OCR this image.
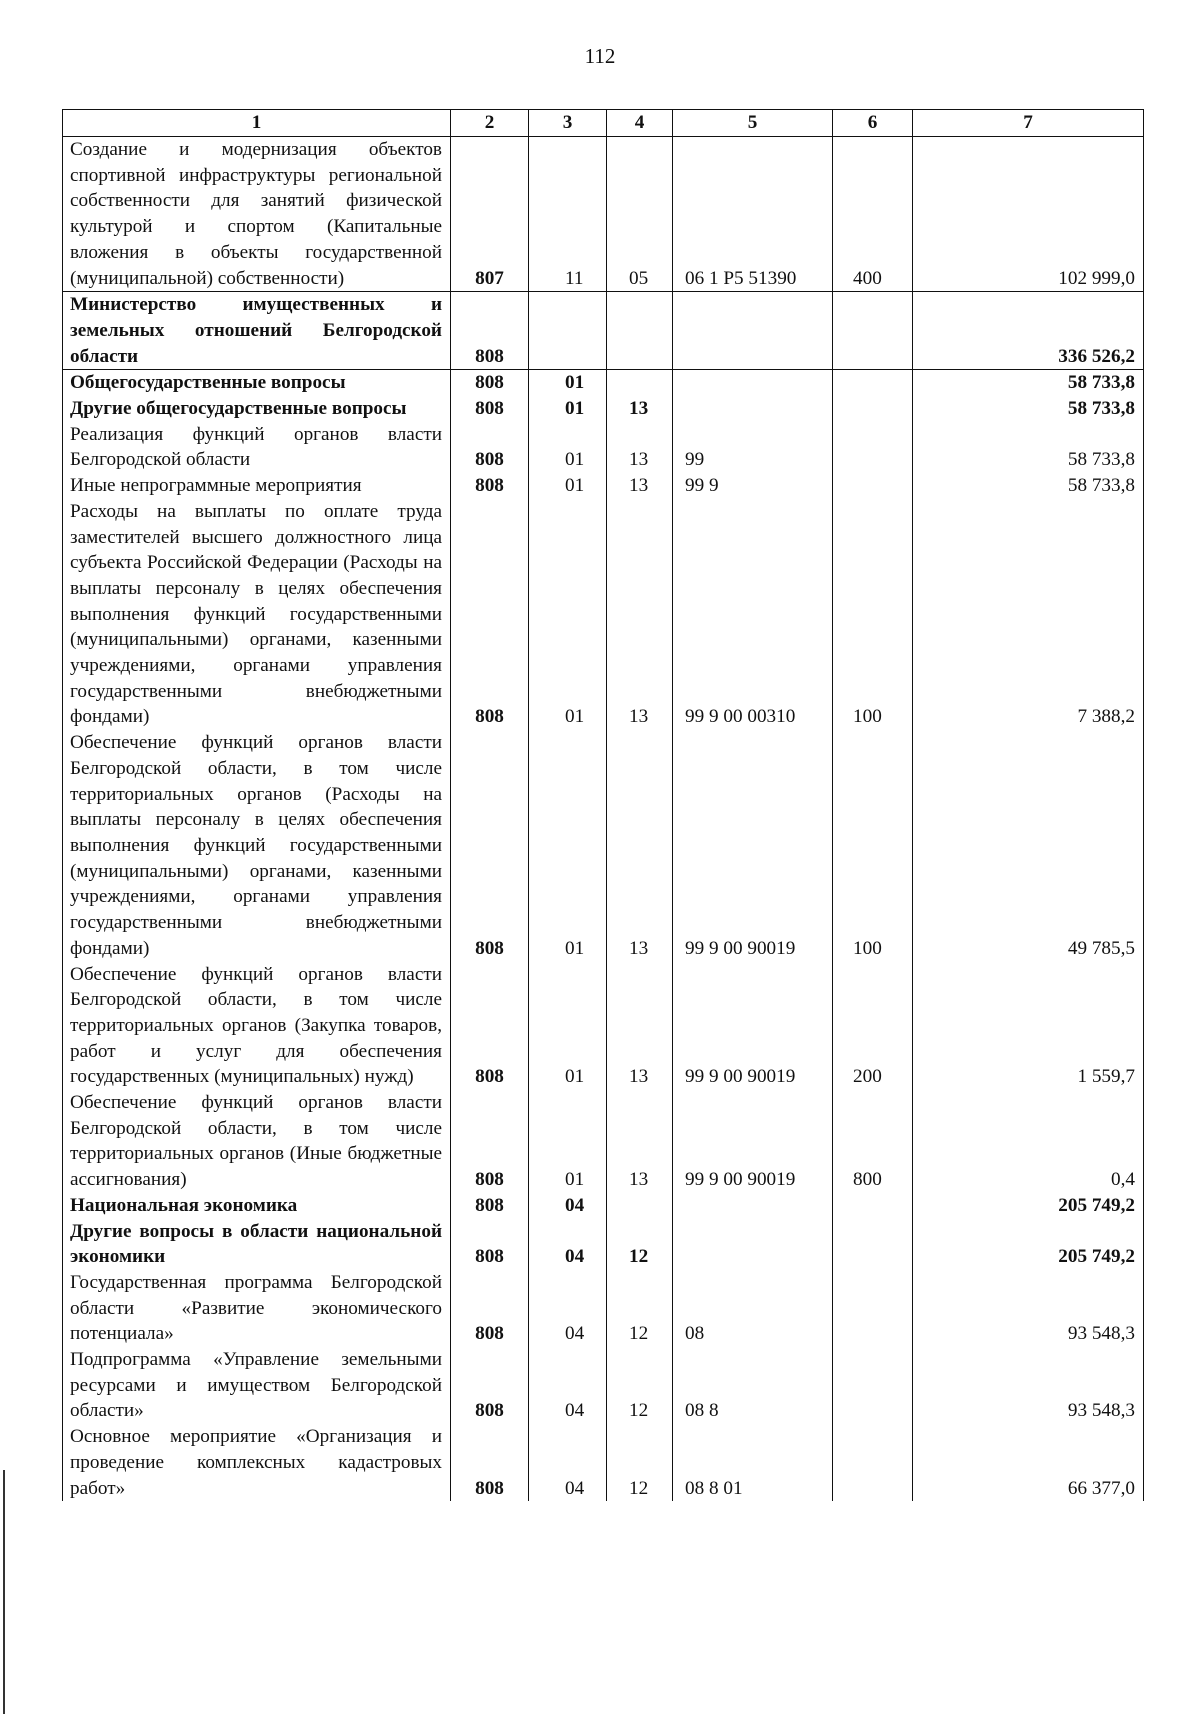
112
1	2	3	4	5	6	7
Создание и модернизация объектов спортивной инфраструктуры региональной собственности для занятий физической культурой и спортом (Капитальные вложения в объекты государственной (муниципальной) собственности)	807	11	05	06 1 P5 51390	400	102 999,0
Министерство имущественных и земельных отношений Белгородской области	808					336 526,2
Общегосударственные вопросы	808	01				58 733,8
Другие общегосударственные вопросы	808	01	13			58 733,8
Реализация функций органов власти Белгородской области	808	01	13	99		58 733,8
Иные непрограммные мероприятия	808	01	13	99 9		58 733,8
Расходы на выплаты по оплате труда заместителей высшего должностного лица субъекта Российской Федерации (Расходы на выплаты персоналу в целях обеспечения выполнения функций государственными (муниципальными) органами, казенными учреждениями, органами управления государственными внебюджетными фондами)	808	01	13	99 9 00 00310	100	7 388,2
Обеспечение функций органов власти Белгородской области, в том числе территориальных органов (Расходы на выплаты персоналу в целях обеспечения выполнения функций государственными (муниципальными) органами, казенными учреждениями, органами управления государственными внебюджетными фондами)	808	01	13	99 9 00 90019	100	49 785,5
Обеспечение функций органов власти Белгородской области, в том числе территориальных органов (Закупка товаров, работ и услуг для обеспечения государственных (муниципальных) нужд)	808	01	13	99 9 00 90019	200	1 559,7
Обеспечение функций органов власти Белгородской области, в том числе территориальных органов (Иные бюджетные ассигнования)	808	01	13	99 9 00 90019	800	0,4
Национальная экономика	808	04				205 749,2
Другие вопросы в области национальной экономики	808	04	12			205 749,2
Государственная программа Белгородской области «Развитие экономического потенциала»	808	04	12	08		93 548,3
Подпрограмма «Управление земельными ресурсами и имуществом Белгородской области»	808	04	12	08 8		93 548,3
Основное мероприятие «Организация и проведение комплексных кадастровых работ»	808	04	12	08 8 01		66 377,0
